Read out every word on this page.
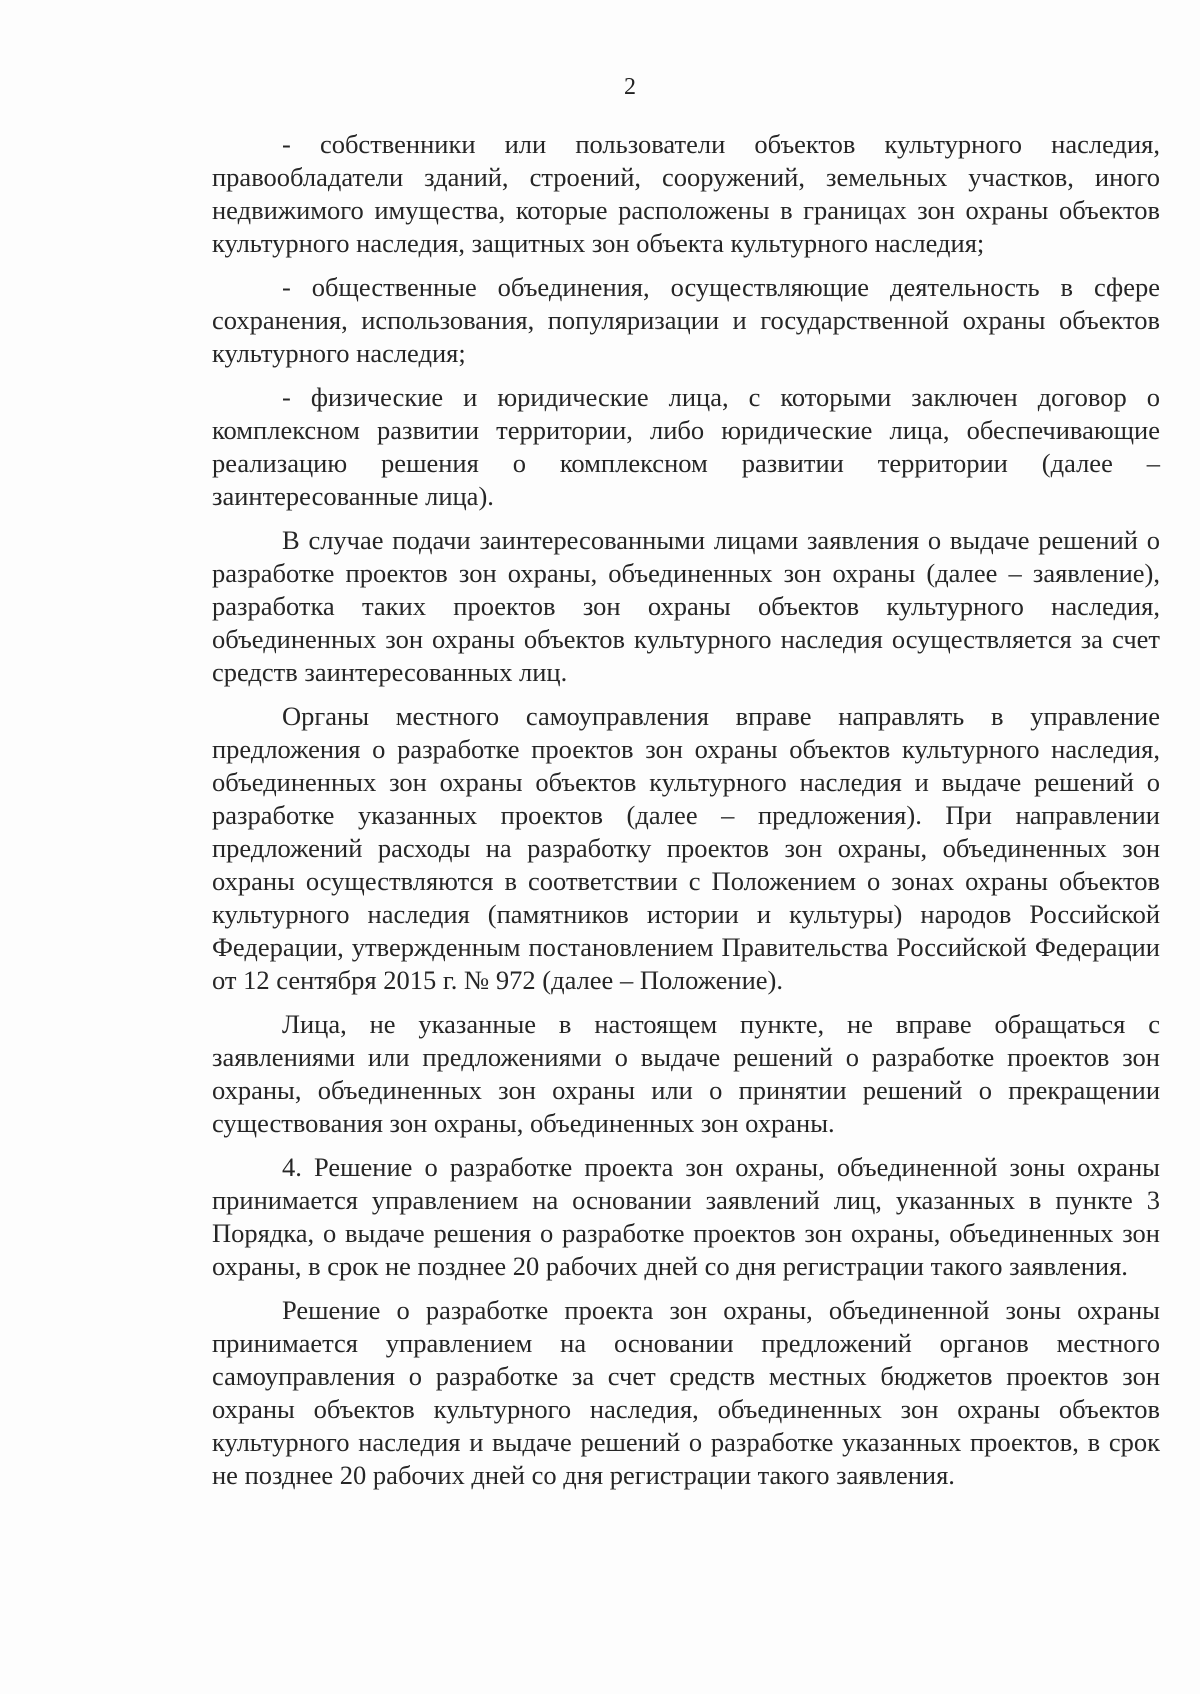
2

- собственники или пользователи объектов культурного наследия, правообладатели зданий, строений, сооружений, земельных участков, иного недвижимого имущества, которые расположены в границах зон охраны объектов культурного наследия, защитных зон объекта культурного наследия;

- общественные объединения, осуществляющие деятельность в сфере сохранения, использования, популяризации и государственной охраны объектов культурного наследия;

- физические и юридические лица, с которыми заключен договор о комплексном развитии территории, либо юридические лица, обеспечивающие реализацию решения о комплексном развитии территории (далее – заинтересованные лица).

В случае подачи заинтересованными лицами заявления о выдаче решений о разработке проектов зон охраны, объединенных зон охраны (далее – заявление), разработка таких проектов зон охраны объектов культурного наследия, объединенных зон охраны объектов культурного наследия осуществляется за счет средств заинтересованных лиц.

Органы местного самоуправления вправе направлять в управление предложения о разработке проектов зон охраны объектов культурного наследия, объединенных зон охраны объектов культурного наследия и выдаче решений о разработке указанных проектов (далее – предложения). При направлении предложений расходы на разработку проектов зон охраны, объединенных зон охраны осуществляются в соответствии с Положением о зонах охраны объектов культурного наследия (памятников истории и культуры) народов Российской Федерации, утвержденным постановлением Правительства Российской Федерации от 12 сентября 2015 г. № 972 (далее – Положение).

Лица, не указанные в настоящем пункте, не вправе обращаться с заявлениями или предложениями о выдаче решений о разработке проектов зон охраны, объединенных зон охраны или о принятии решений о прекращении существования зон охраны, объединенных зон охраны.

4. Решение о разработке проекта зон охраны, объединенной зоны охраны принимается управлением на основании заявлений лиц, указанных в пункте 3 Порядка, о выдаче решения о разработке проектов зон охраны, объединенных зон охраны, в срок не позднее 20 рабочих дней со дня регистрации такого заявления.

Решение о разработке проекта зон охраны, объединенной зоны охраны принимается управлением на основании предложений органов местного самоуправления о разработке за счет средств местных бюджетов проектов зон охраны объектов культурного наследия, объединенных зон охраны объектов культурного наследия и выдаче решений о разработке указанных проектов, в срок не позднее 20 рабочих дней со дня регистрации такого заявления.
